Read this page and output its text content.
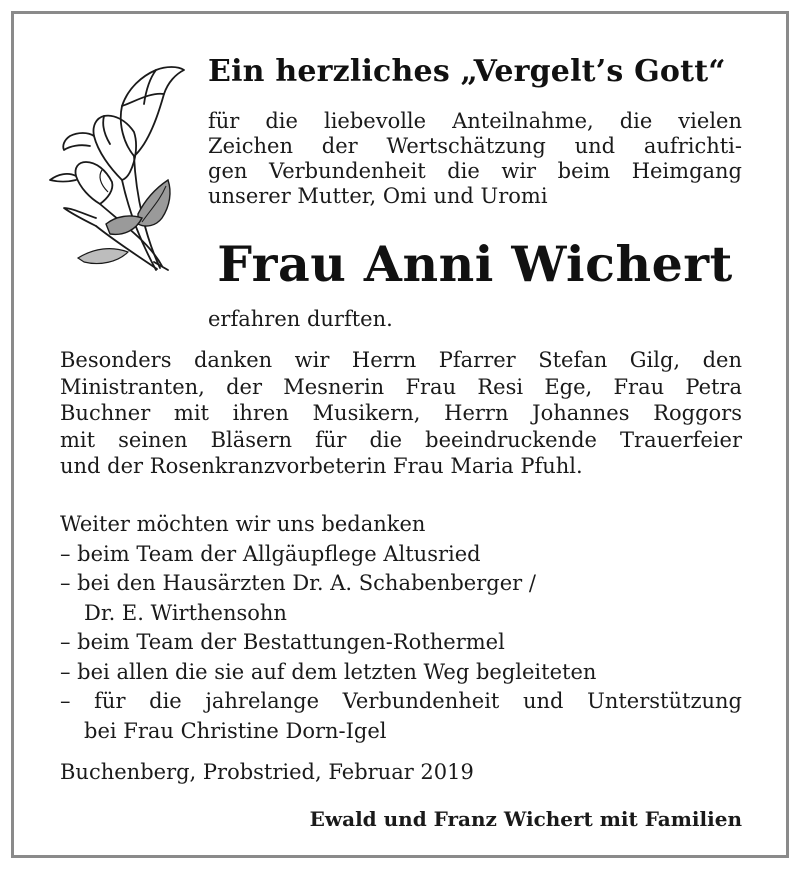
Ein herzliches „Vergelt’s Gott“
für die liebevolle Anteilnahme, die vielen
Zeichen der Wertschätzung und aufrichti-
gen Verbundenheit die wir beim Heimgang
unserer Mutter, Omi und Uromi
Frau Anni Wichert
erfahren durften.
Besonders danken wir Herrn Pfarrer Stefan Gilg, den
Ministranten, der Mesnerin Frau Resi Ege, Frau Petra
Buchner mit ihren Musikern, Herrn Johannes Roggors
mit seinen Bläsern für die beeindruckende Trauerfeier
und der Rosenkranzvorbeterin Frau Maria Pfuhl.
Weiter möchten wir uns bedanken
– beim Team der Allgäupflege Altusried
– bei den Hausärzten Dr. A. Schabenberger /
Dr. E. Wirthensohn
– beim Team der Bestattungen-Rothermel
– bei allen die sie auf dem letzten Weg begleiteten
– für die jahrelange Verbundenheit und Unterstützung
bei Frau Christine Dorn-Igel
Buchenberg, Probstried, Februar 2019
Ewald und Franz Wichert mit Familien
